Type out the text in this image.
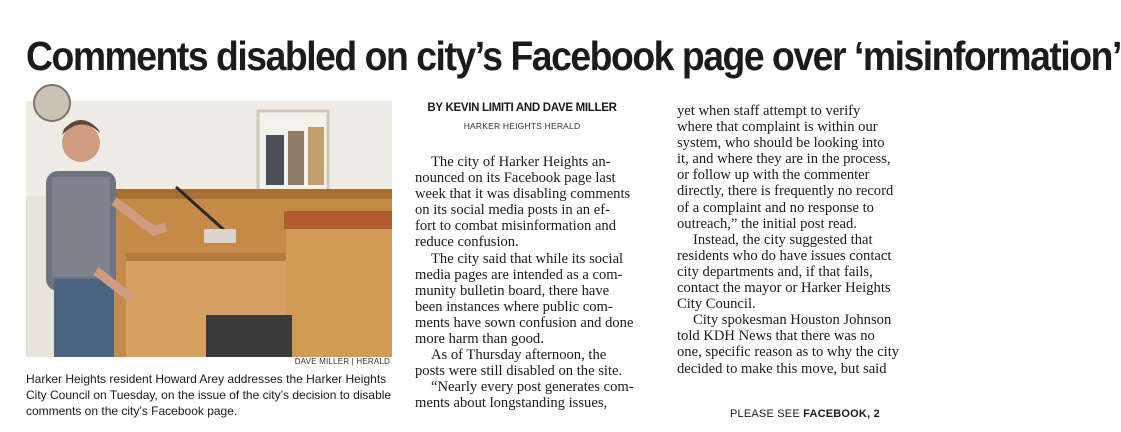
Comments disabled on city’s Facebook page over ‘misinformation’
DAVE MILLER | HERALD
Harker Heights resident Howard Arey addresses the Harker Heights City Council on Tuesday, on the issue of the city’s decision to disable comments on the city’s Facebook page.
BY KEVIN LIMITI AND DAVE MILLER
HARKER HEIGHTS HERALD
The city of Harker Heights an-
nounced on its Facebook page last
week that it was disabling comments
on its social media posts in an ef-
fort to combat misinformation and
reduce confusion.
The city said that while its social
media pages are intended as a com-
munity bulletin board, there have
been instances where public com-
ments have sown confusion and done
more harm than good.
As of Thursday afternoon, the
posts were still disabled on the site.
“Nearly every post generates com-
ments about longstanding issues,
yet when staff attempt to verify
where that complaint is within our
system, who should be looking into
it, and where they are in the process,
or follow up with the commenter
directly, there is frequently no record
of a complaint and no response to
outreach,” the initial post read.
Instead, the city suggested that
residents who do have issues contact
city departments and, if that fails,
contact the mayor or Harker Heights
City Council.
City spokesman Houston Johnson
told KDH News that there was no
one, specific reason as to why the city
decided to make this move, but said
PLEASE SEE FACEBOOK, 2
